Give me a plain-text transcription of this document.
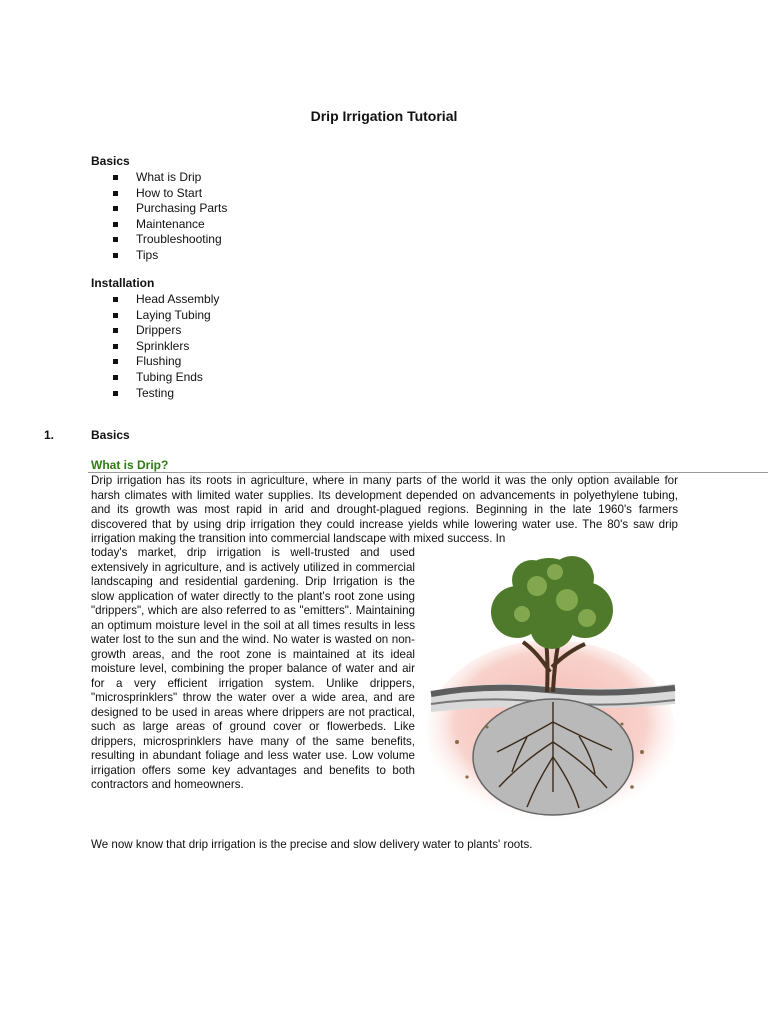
Drip Irrigation Tutorial
Basics
What is Drip
How to Start
Purchasing Parts
Maintenance
Troubleshooting
Tips
Installation
Head Assembly
Laying Tubing
Drippers
Sprinklers
Flushing
Tubing Ends
Testing
1.	Basics
What is Drip?
Drip irrigation has its roots in agriculture, where in many parts of the world it was the only option available for harsh climates with limited water supplies. Its development depended on advancements in polyethylene tubing, and its growth was most rapid in arid and drought-plagued regions. Beginning in the late 1960's farmers discovered that by using drip irrigation they could increase yields while lowering water use. The 80's saw drip irrigation making the transition into commercial landscape with mixed success. In
today's market, drip irrigation is well-trusted and used extensively in agriculture, and is actively utilized in commercial landscaping and residential gardening. Drip Irrigation is the slow application of water directly to the plant's root zone using "drippers", which are also referred to as "emitters". Maintaining an optimum moisture level in the soil at all times results in less water lost to the sun and the wind. No water is wasted on non-growth areas, and the root zone is maintained at its ideal moisture level, combining the proper balance of water and air for a very efficient irrigation system. Unlike drippers, "microsprinklers" throw the water over a wide area, and are designed to be used in areas where drippers are not practical, such as large areas of ground cover or flowerbeds. Like drippers, microsprinklers have many of the same benefits, resulting in abundant foliage and less water use. Low volume irrigation offers some key advantages and benefits to both contractors and homeowners.
We now know that drip irrigation is the precise and slow delivery water to plants' roots.
